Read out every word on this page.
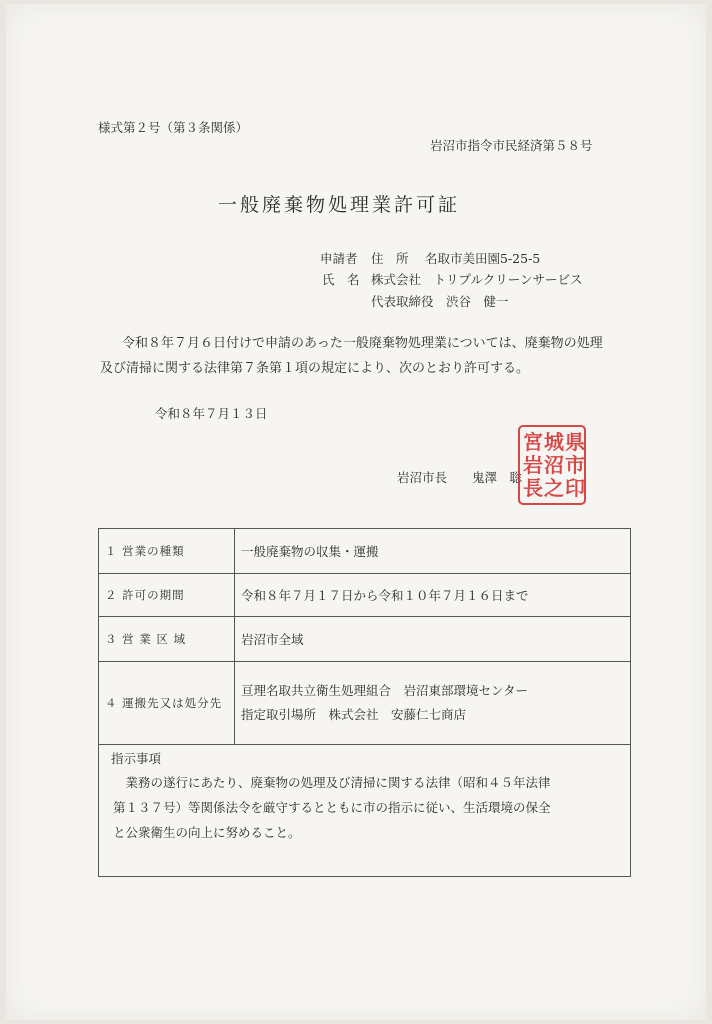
様式第２号（第３条関係）
岩沼市指令市民経済第５８号
一般廃棄物処理業許可証
申請者 住　所 名取市美田園5-25-5
氏　名 株式会社　トリプルクリーンサービス
代表取締役　渋谷　健一
令和８年７月６日付けで申請のあった一般廃棄物処理業については、廃棄物の処理
及び清掃に関する法律第７条第１項の規定により、次のとおり許可する。
令和８年７月１３日
岩沼市長　　鬼澤　聡
県
市
印
城
沼
之
宮
岩
長
１ 営業の種類	一般廃棄物の収集・運搬
２ 許可の期間	令和８年７月１７日から令和１０年７月１６日まで
３ 営 業 区 域	岩沼市全域
４ 運搬先又は処分先	亘理名取共立衛生処理組合　岩沼東部環境センター
指定取引場所　株式会社　安藤仁七商店
指示事項
　業務の遂行にあたり、廃棄物の処理及び清掃に関する法律（昭和４５年法律
第１３７号）等関係法令を厳守するとともに市の指示に従い、生活環境の保全
と公衆衛生の向上に努めること。
